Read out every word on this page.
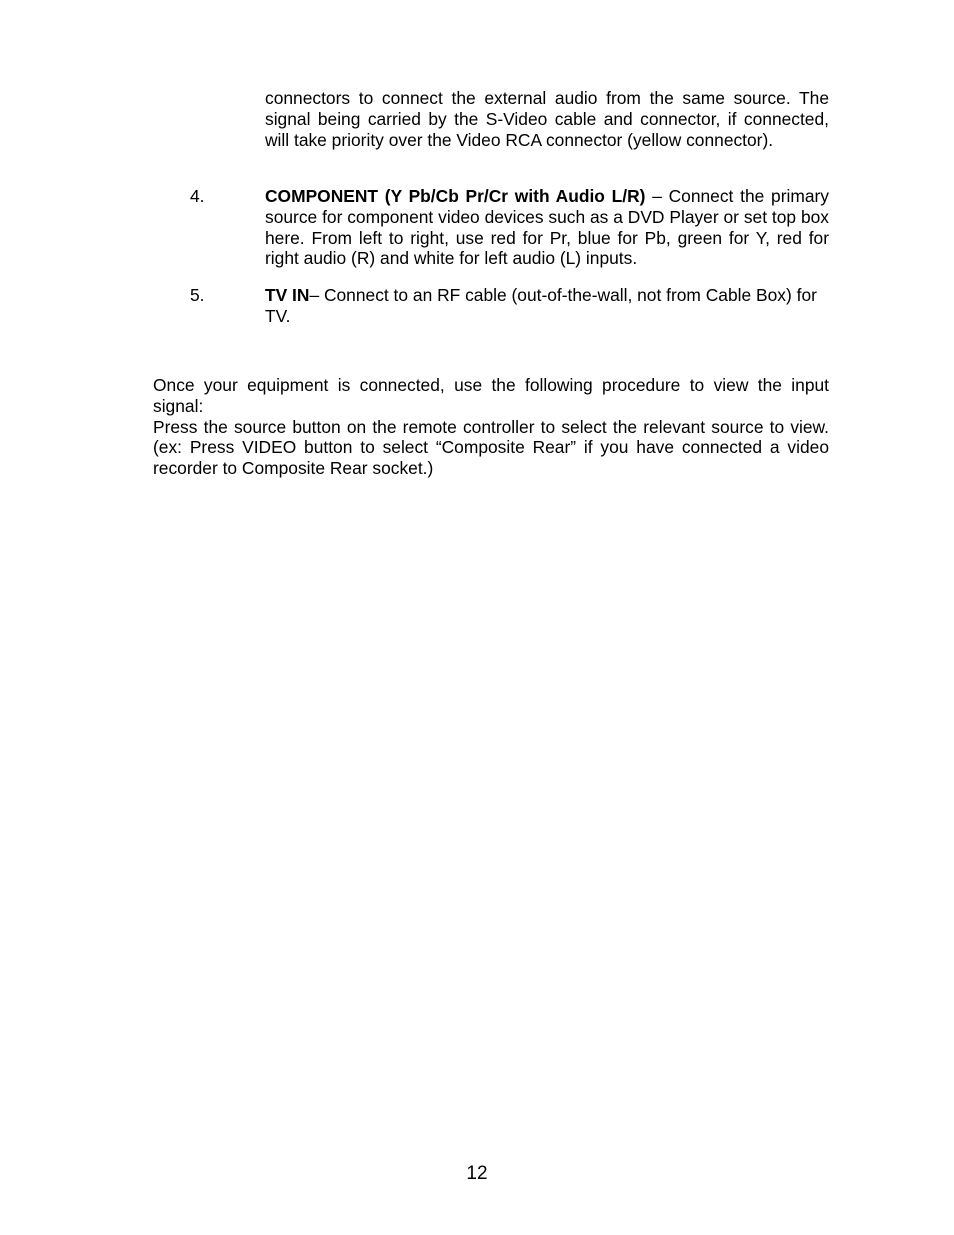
connectors to connect the external audio from the same source. The signal being carried by the S-Video cable and connector, if connected, will take priority over the Video RCA connector (yellow connector).
4.	COMPONENT (Y Pb/Cb Pr/Cr with Audio L/R) – Connect the primary source for component video devices such as a DVD Player or set top box here. From left to right, use red for Pr, blue for Pb, green for Y, red for right audio (R) and white for left audio (L) inputs.
5.	TV IN– Connect to an RF cable (out-of-the-wall, not from Cable Box) for TV.

Once your equipment is connected, use the following procedure to view the input signal:

Press the source button on the remote controller to select the relevant source to view. (ex: Press VIDEO button to select “Composite Rear” if you have connected a video recorder to Composite Rear socket.)

12
